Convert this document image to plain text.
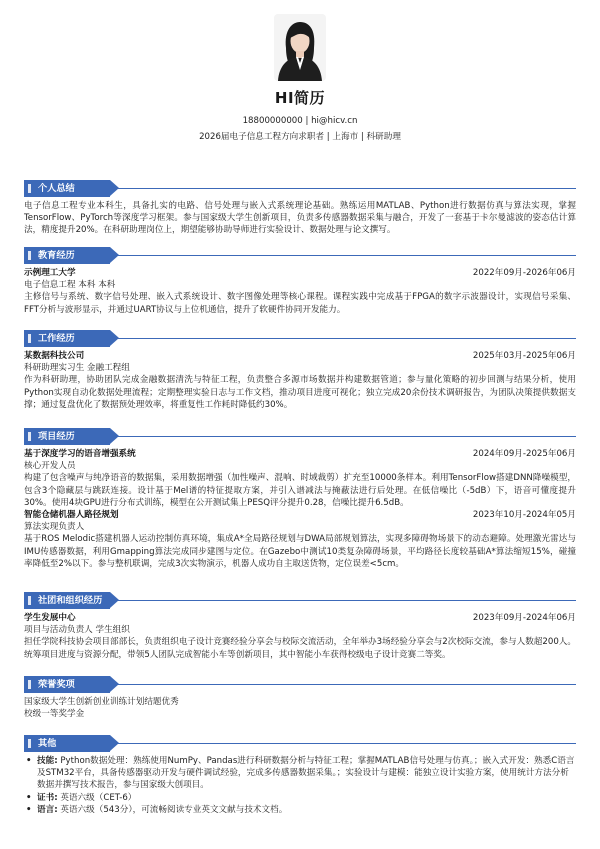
HI简历
18800000000 | hi@hicv.cn
2026届电子信息工程方向求职者 | 上海市 | 科研助理
个人总结

电子信息工程专业本科生，具备扎实的电路、信号处理与嵌入式系统理论基础。熟练运用MATLAB、Python进行数据仿真与算法实现，掌握TensorFlow、PyTorch等深度学习框架。参与国家级大学生创新项目，负责多传感器数据采集与融合，开发了一套基于卡尔曼滤波的姿态估计算法，精度提升20%。在科研助理岗位上，期望能够协助导师进行实验设计、数据处理与论文撰写。

教育经历
示例理工大学	2022年09月-2026年06月
电子信息工程 本科 本科

主修信号与系统、数字信号处理、嵌入式系统设计、数字图像处理等核心课程。课程实践中完成基于FPGA的数字示波器设计，实现信号采集、FFT分析与波形显示，并通过UART协议与上位机通信，提升了软硬件协同开发能力。

工作经历
某数据科技公司	2025年03月-2025年06月
科研助理实习生 金融工程组

作为科研助理，协助团队完成金融数据清洗与特征工程，负责整合多源市场数据并构建数据管道；参与量化策略的初步回测与结果分析，使用Python实现自动化数据处理流程；定期整理实验日志与工作文档，推动项目进度可视化；独立完成20余份技术调研报告，为团队决策提供数据支撑；通过复盘优化了数据预处理效率，将重复性工作耗时降低约30%。

项目经历
基于深度学习的语音增强系统	2024年09月-2025年06月
核心开发人员

构建了包含噪声与纯净语音的数据集，采用数据增强（加性噪声、混响、时域裁剪）扩充至10000条样本。利用TensorFlow搭建DNN降噪模型，包含3个隐藏层与跳跃连接。设计基于Mel谱的特征提取方案，并引入谱减法与掩蔽法进行后处理。在低信噪比（-5dB）下，语音可懂度提升30%。使用4块GPU进行分布式训练，模型在公开测试集上PESQ评分提升0.28，信噪比提升6.5dB。

智能仓储机器人路径规划	2023年10月-2024年05月
算法实现负责人

基于ROS Melodic搭建机器人运动控制仿真环境，集成A*全局路径规划与DWA局部规划算法，实现多障碍物场景下的动态避障。处理激光雷达与IMU传感器数据，利用Gmapping算法完成同步建图与定位。在Gazebo中测试10类复杂障碍场景，平均路径长度较基础A*算法缩短15%，碰撞率降低至2%以下。参与整机联调，完成3次实物演示，机器人成功自主取送货物，定位误差<5cm。

社团和组织经历
学生发展中心	2023年09月-2024年06月
项目与活动负责人 学生组织

担任学院科技协会项目部部长，负责组织电子设计竞赛经验分享会与校际交流活动，全年举办3场经验分享会与2次校际交流，参与人数超200人。统筹项目进度与资源分配，带领5人团队完成智能小车等创新项目，其中智能小车获得校级电子设计竞赛二等奖。

荣誉奖项
国家级大学生创新创业训练计划结题优秀
校级一等奖学金
其他
• 技能: Python数据处理：熟练使用NumPy、Pandas进行科研数据分析与特征工程；掌握MATLAB信号处理与仿真。；嵌入式开发：熟悉C语言及STM32平台，具备传感器驱动开发与硬件调试经验，完成多传感器数据采集。；实验设计与建模：能独立设计实验方案，使用统计方法分析数据并撰写技术报告，参与国家级大创项目。
• 证书: 英语六级（CET-6）
• 语言: 英语六级（543分），可流畅阅读专业英文文献与技术文档。
